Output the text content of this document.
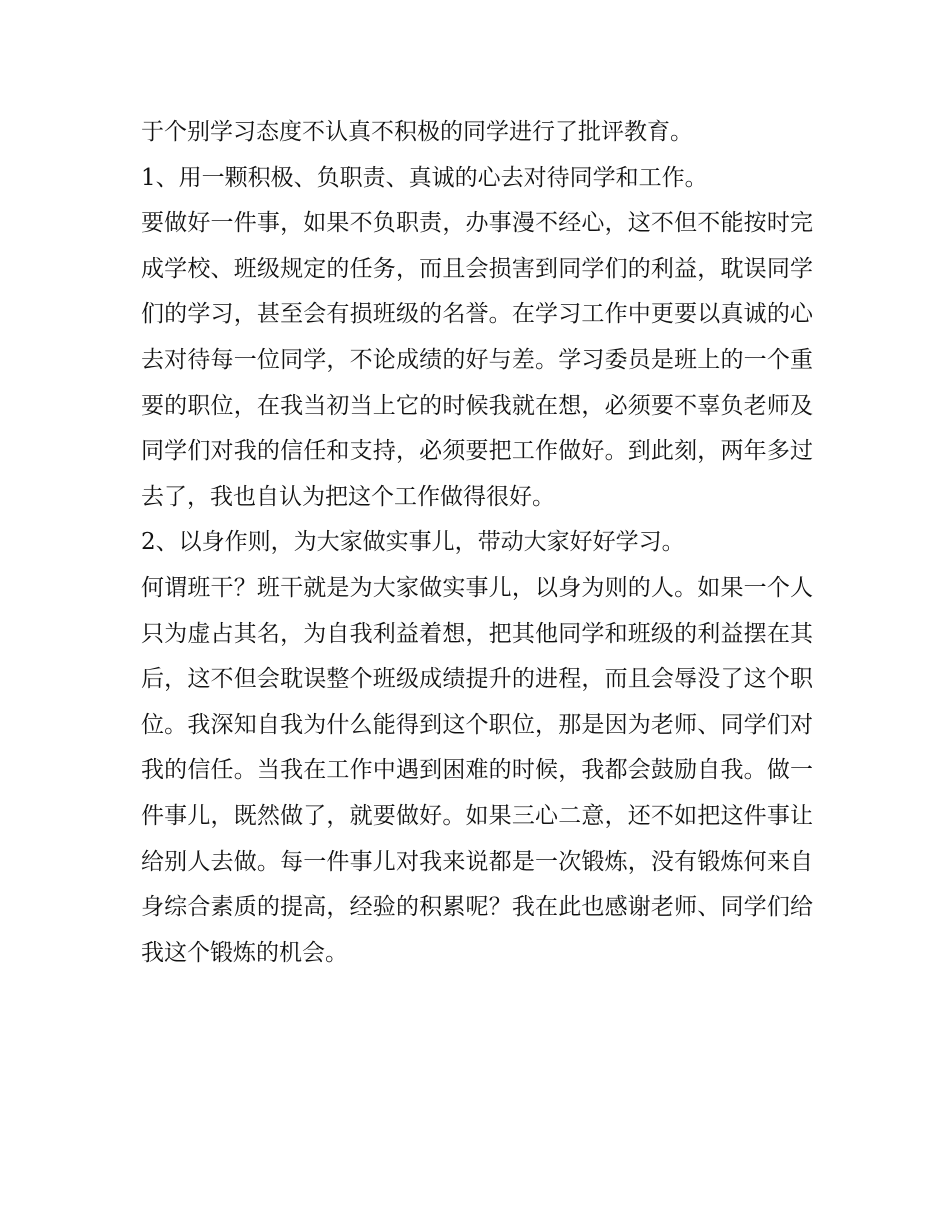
于个别学习态度不认真不积极的同学进行了批评教育。

1、用一颗积极、负职责、真诚的心去对待同学和工作。

要做好一件事，如果不负职责，办事漫不经心，这不但不能按时完成学校、班级规定的任务，而且会损害到同学们的利益，耽误同学们的学习，甚至会有损班级的名誉。在学习工作中更要以真诚的心去对待每一位同学，不论成绩的好与差。学习委员是班上的一个重要的职位，在我当初当上它的时候我就在想，必须要不辜负老师及同学们对我的信任和支持，必须要把工作做好。到此刻，两年多过去了，我也自认为把这个工作做得很好。

2、以身作则，为大家做实事儿，带动大家好好学习。

何谓班干？班干就是为大家做实事儿，以身为则的人。如果一个人只为虚占其名，为自我利益着想，把其他同学和班级的利益摆在其后，这不但会耽误整个班级成绩提升的进程，而且会辱没了这个职位。我深知自我为什么能得到这个职位，那是因为老师、同学们对我的信任。当我在工作中遇到困难的时候，我都会鼓励自我。做一件事儿，既然做了，就要做好。如果三心二意，还不如把这件事让给别人去做。每一件事儿对我来说都是一次锻炼，没有锻炼何来自身综合素质的提高，经验的积累呢？我在此也感谢老师、同学们给我这个锻炼的机会。
